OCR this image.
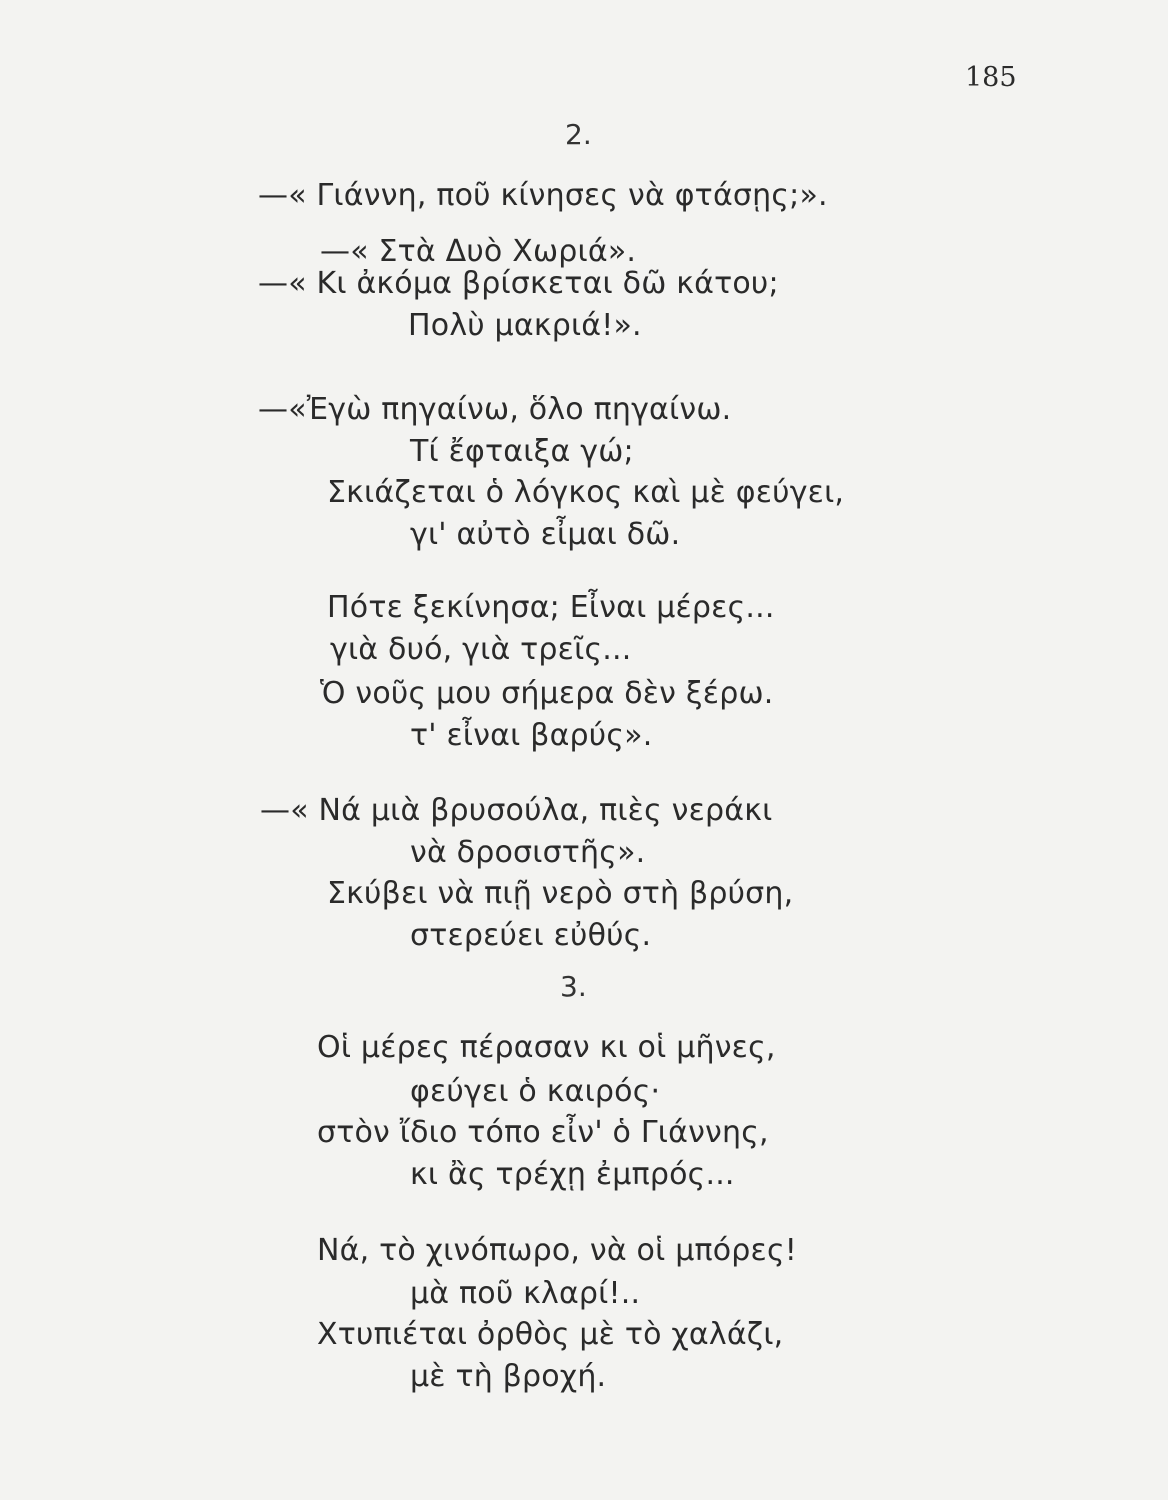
185
2.
—« Γιάννη, ποῦ κίνησες νὰ φτάσῃς;».
—« Στὰ Δυὸ Χωριά».
—« Κι ἀκόμα βρίσκεται δῶ κάτου;
Πολὺ μακριά!».
—«Ἐγὼ πηγαίνω, ὅλο πηγαίνω.
Τί ἔφταιξα γώ;
Σκιάζεται ὁ λόγκος καὶ μὲ φεύγει,
γι' αὐτὸ εἶμαι δῶ.
Πότε ξεκίνησα; Εἶναι μέρες...
γιὰ δυό, γιὰ τρεῖς...
Ὁ νοῦς μου σήμερα δὲν ξέρω.
τ' εἶναι βαρύς».
—« Νά μιὰ βρυσούλα, πιὲς νεράκι
νὰ δροσιστῆς».
Σκύβει νὰ πιῇ νερὸ στὴ βρύση,
στερεύει εὐθύς.
3.
Οἱ μέρες πέρασαν κι οἱ μῆνες,
φεύγει ὁ καιρός·
στὸν ἴδιο τόπο εἶν' ὁ Γιάννης,
κι ἂς τρέχῃ ἐμπρός...
Νά, τὸ χινόπωρο, νὰ οἱ μπόρες!
μὰ ποῦ κλαρί!..
Χτυπιέται ὀρθὸς μὲ τὸ χαλάζι,
μὲ τὴ βροχή.
